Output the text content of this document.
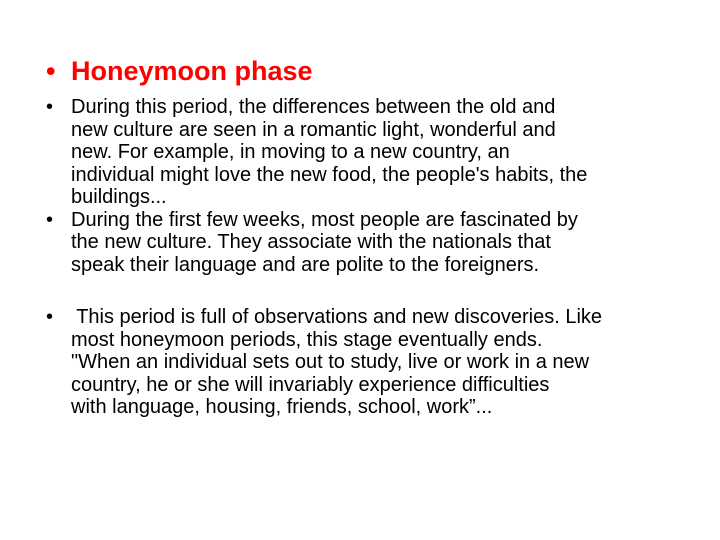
• Honeymoon phase
• During this period, the differences between the old and
new culture are seen in a romantic light, wonderful and
new. For example, in moving to a new country, an
individual might love the new food, the people's habits, the
buildings...
• During the first few weeks, most people are fascinated by
the new culture. They associate with the nationals that
speak their language and are polite to the foreigners.
• This period is full of observations and new discoveries. Like
most honeymoon periods, this stage eventually ends.
"When an individual sets out to study, live or work in a new
country, he or she will invariably experience difficulties
with language, housing, friends, school, work”...
